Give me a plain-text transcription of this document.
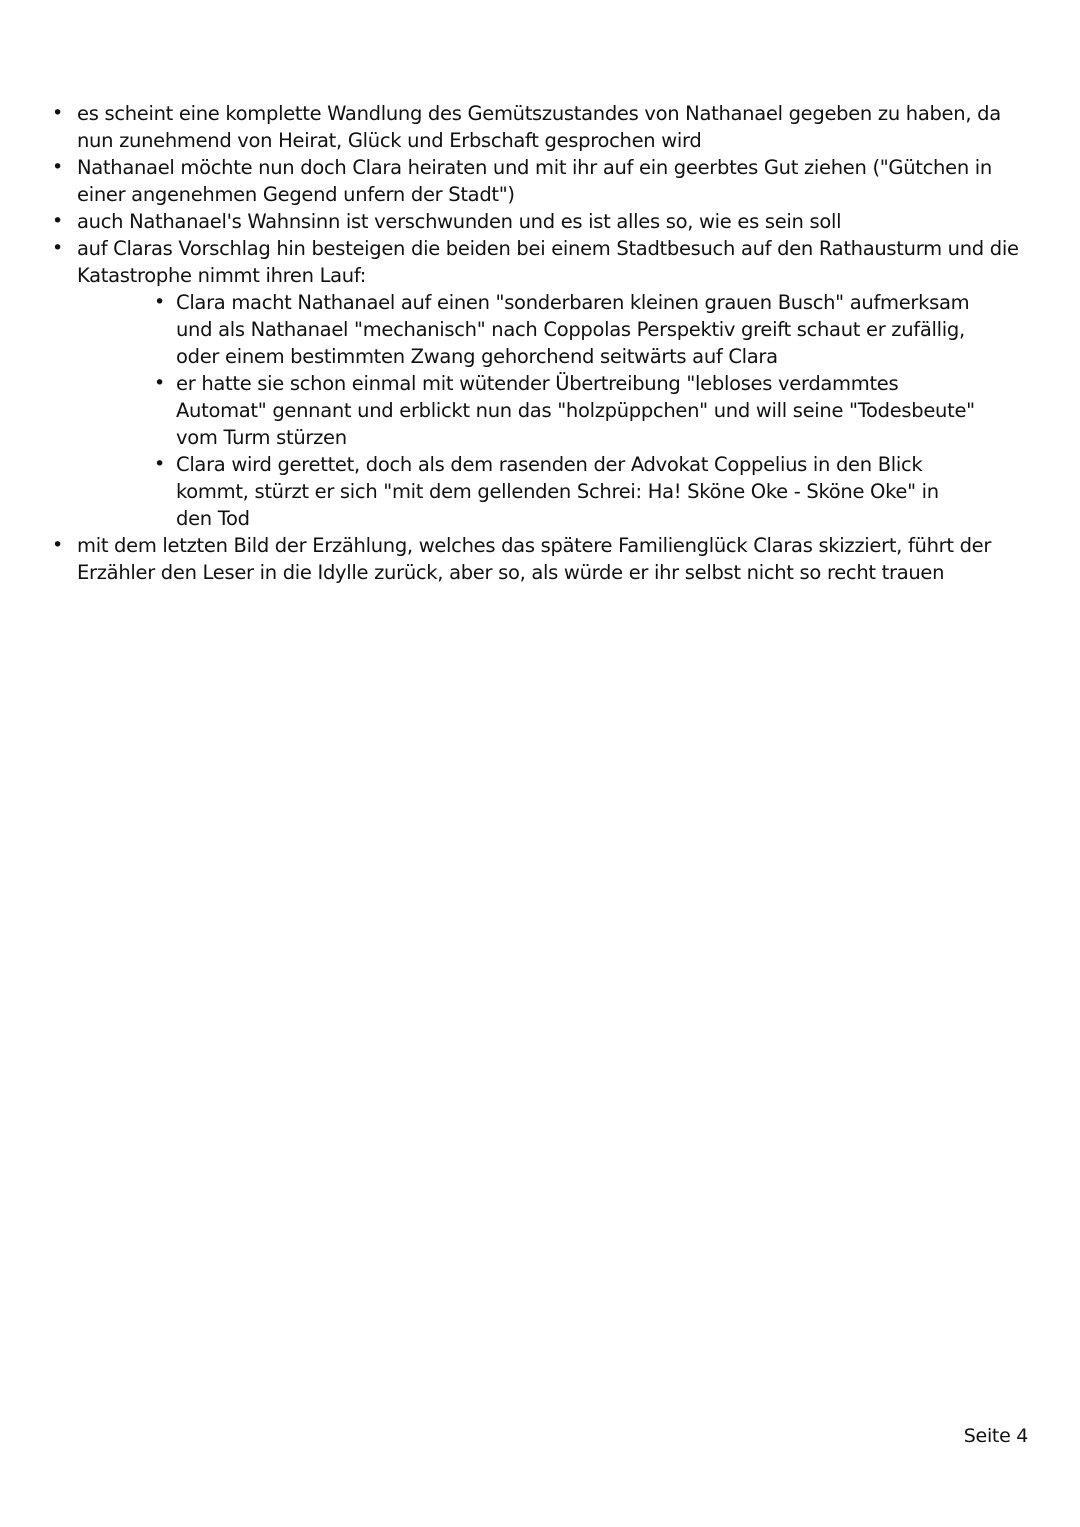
• es scheint eine komplette Wandlung des Gemütszustandes von Nathanael gegeben zu haben, da nun zunehmend von Heirat, Glück und Erbschaft gesprochen wird
• Nathanael möchte nun doch Clara heiraten und mit ihr auf ein geerbtes Gut ziehen ("Gütchen in einer angenehmen Gegend unfern der Stadt")
• auch Nathanael's Wahnsinn ist verschwunden und es ist alles so, wie es sein soll
• auf Claras Vorschlag hin besteigen die beiden bei einem Stadtbesuch auf den Rathausturm und die Katastrophe nimmt ihren Lauf:
• Clara macht Nathanael auf einen "sonderbaren kleinen grauen Busch" aufmerksam und als Nathanael "mechanisch" nach Coppolas Perspektiv greift schaut er zufällig, oder einem bestimmten Zwang gehorchend seitwärts auf Clara
• er hatte sie schon einmal mit wütender Übertreibung "lebloses verdammtes Automat" gennant und erblickt nun das "holzpüppchen" und will seine "Todesbeute" vom Turm stürzen
• Clara wird gerettet, doch als dem rasenden der Advokat Coppelius in den Blick kommt, stürzt er sich "mit dem gellenden Schrei: Ha! Sköne Oke - Sköne Oke" in den Tod
• mit dem letzten Bild der Erzählung, welches das spätere Familienglück Claras skizziert, führt der Erzähler den Leser in die Idylle zurück, aber so, als würde er ihr selbst nicht so recht trauen
Seite 4
